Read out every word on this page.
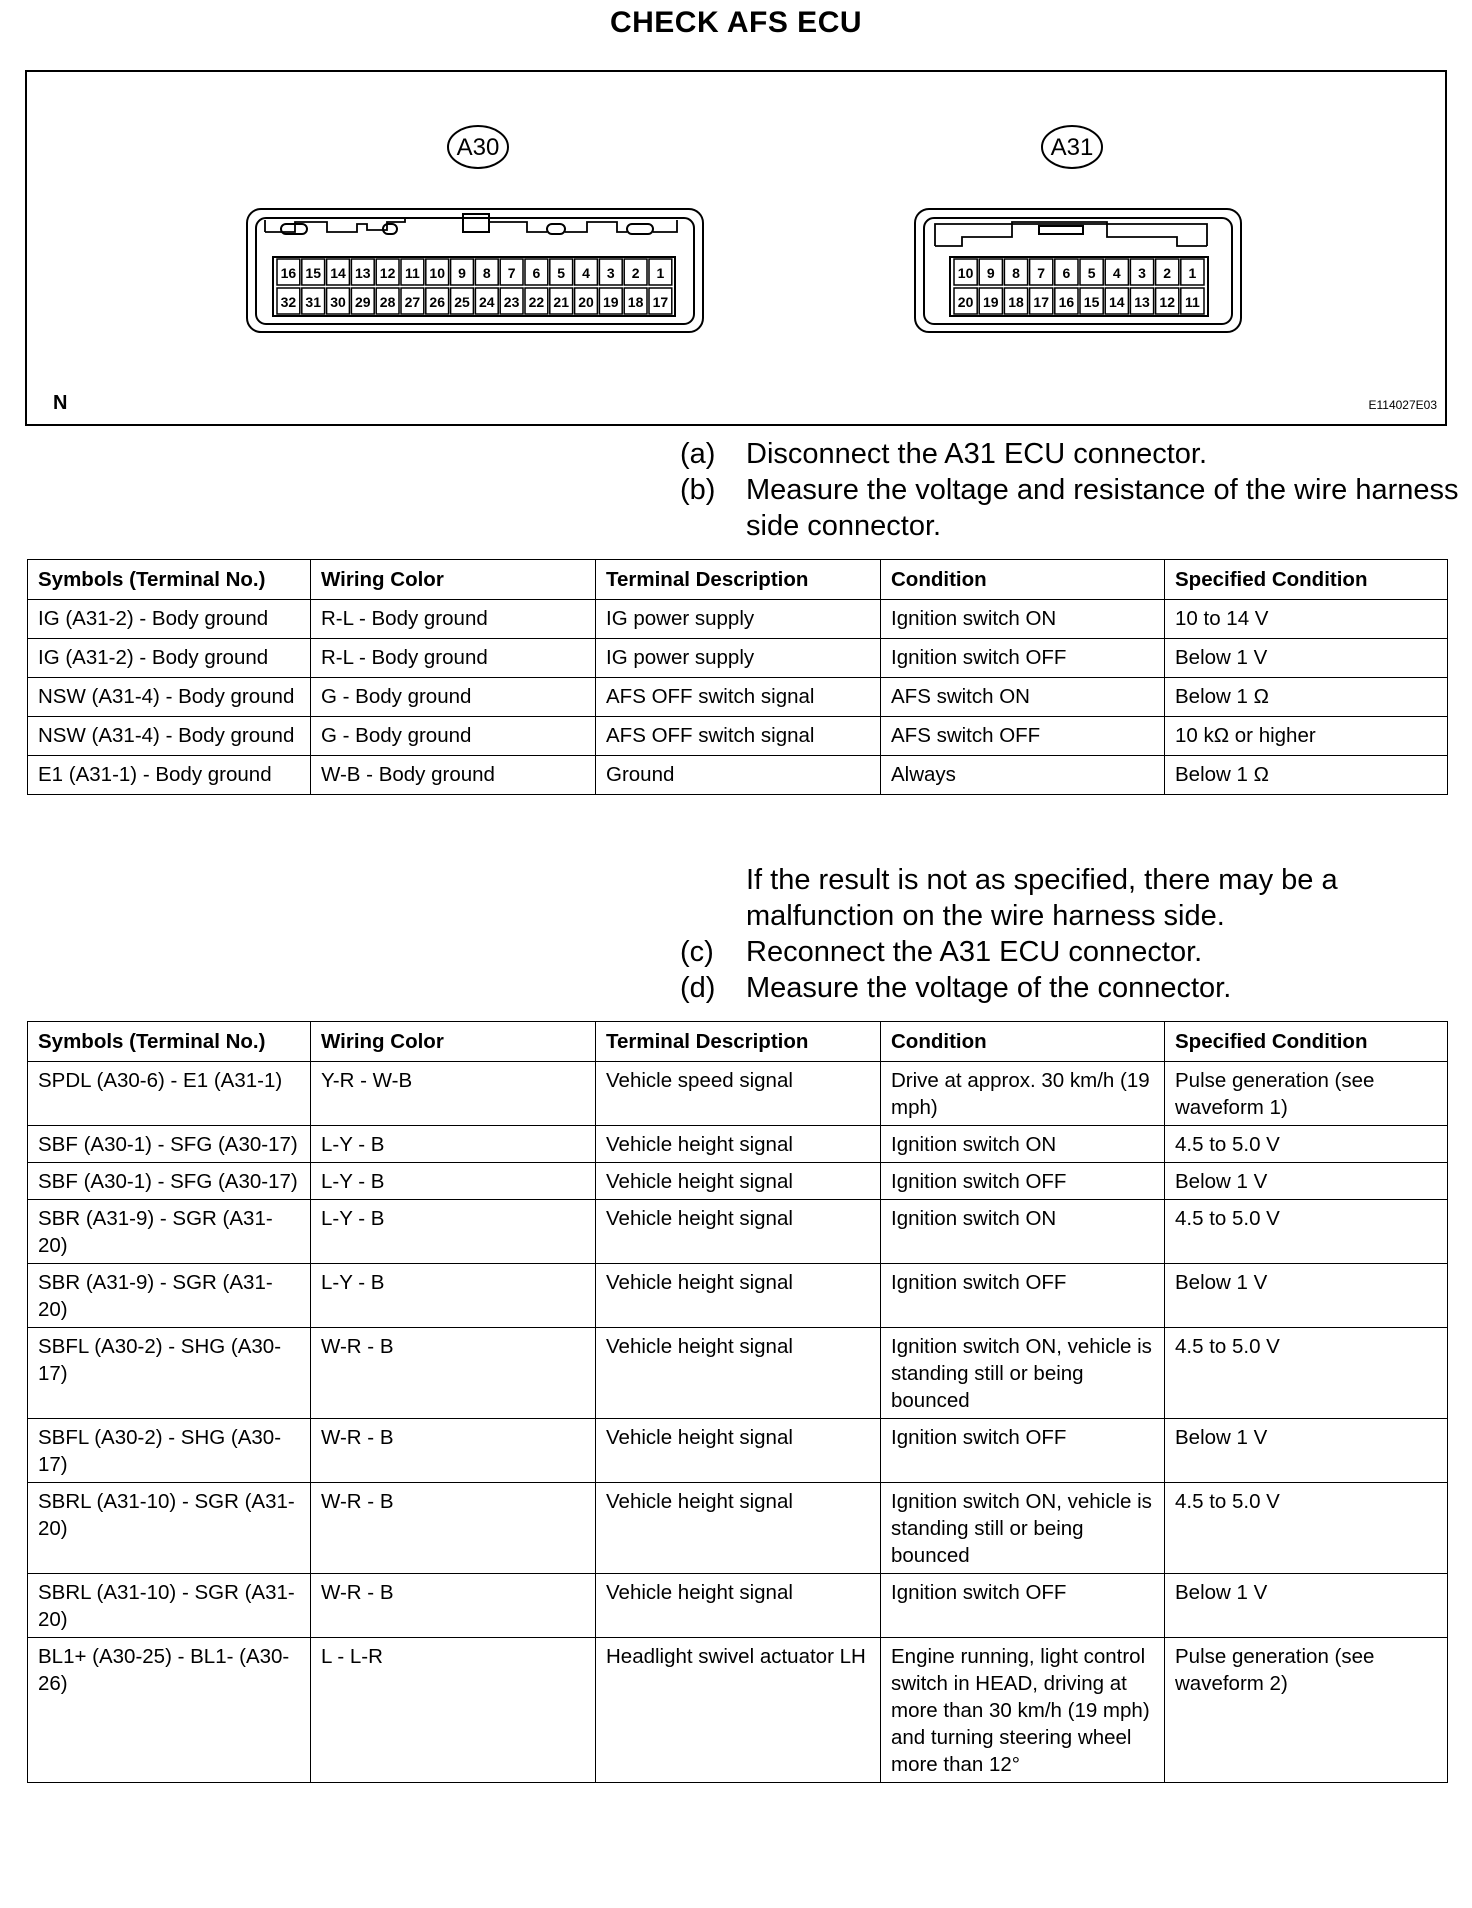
CHECK AFS ECU
16 15 14 13 12 11 10 9 8 7 6 5 4 3 2 1
32 31 30 29 28 27 26 25 24 23 22 21 20 19 18 17
10 9 8 7 6 5 4 3 2 1
20 19 18 17 16 15 14 13 12 11
A30	A31
N	E114027E03
(a)	Disconnect the A31 ECU connector.
(b)	Measure the voltage and resistance of the wire harness side connector.
Symbols (Terminal No.)	Wiring Color	Terminal Description	Condition	Specified Condition
IG (A31-2) - Body ground	R-L - Body ground	IG power supply	Ignition switch ON	10 to 14 V
IG (A31-2) - Body ground	R-L - Body ground	IG power supply	Ignition switch OFF	Below 1 V
NSW (A31-4) - Body ground	G - Body ground	AFS OFF switch signal	AFS switch ON	Below 1 Ω
NSW (A31-4) - Body ground	G - Body ground	AFS OFF switch signal	AFS switch OFF	10 kΩ or higher
E1 (A31-1) - Body ground	W-B - Body ground	Ground	Always	Below 1 Ω
If the result is not as specified, there may be a malfunction on the wire harness side.
(c)	Reconnect the A31 ECU connector.
(d)	Measure the voltage of the connector.
Symbols (Terminal No.)	Wiring Color	Terminal Description	Condition	Specified Condition
SPDL (A30-6) - E1 (A31-1)	Y-R - W-B	Vehicle speed signal	Drive at approx. 30 km/h (19 mph)	Pulse generation (see waveform 1)
SBF (A30-1) - SFG (A30-17)	L-Y - B	Vehicle height signal	Ignition switch ON	4.5 to 5.0 V
SBF (A30-1) - SFG (A30-17)	L-Y - B	Vehicle height signal	Ignition switch OFF	Below 1 V
SBR (A31-9) - SGR (A31-20)	L-Y - B	Vehicle height signal	Ignition switch ON	4.5 to 5.0 V
SBR (A31-9) - SGR (A31-20)	L-Y - B	Vehicle height signal	Ignition switch OFF	Below 1 V
SBFL (A30-2) - SHG (A30-17)	W-R - B	Vehicle height signal	Ignition switch ON, vehicle is standing still or being bounced	4.5 to 5.0 V
SBFL (A30-2) - SHG (A30-17)	W-R - B	Vehicle height signal	Ignition switch OFF	Below 1 V
SBRL (A31-10) - SGR (A31-20)	W-R - B	Vehicle height signal	Ignition switch ON, vehicle is standing still or being bounced	4.5 to 5.0 V
SBRL (A31-10) - SGR (A31-20)	W-R - B	Vehicle height signal	Ignition switch OFF	Below 1 V
BL1+ (A30-25) - BL1- (A30-26)	L - L-R	Headlight swivel actuator LH	Engine running, light control switch in HEAD, driving at more than 30 km/h (19 mph) and turning steering wheel more than 12°	Pulse generation (see waveform 2)
